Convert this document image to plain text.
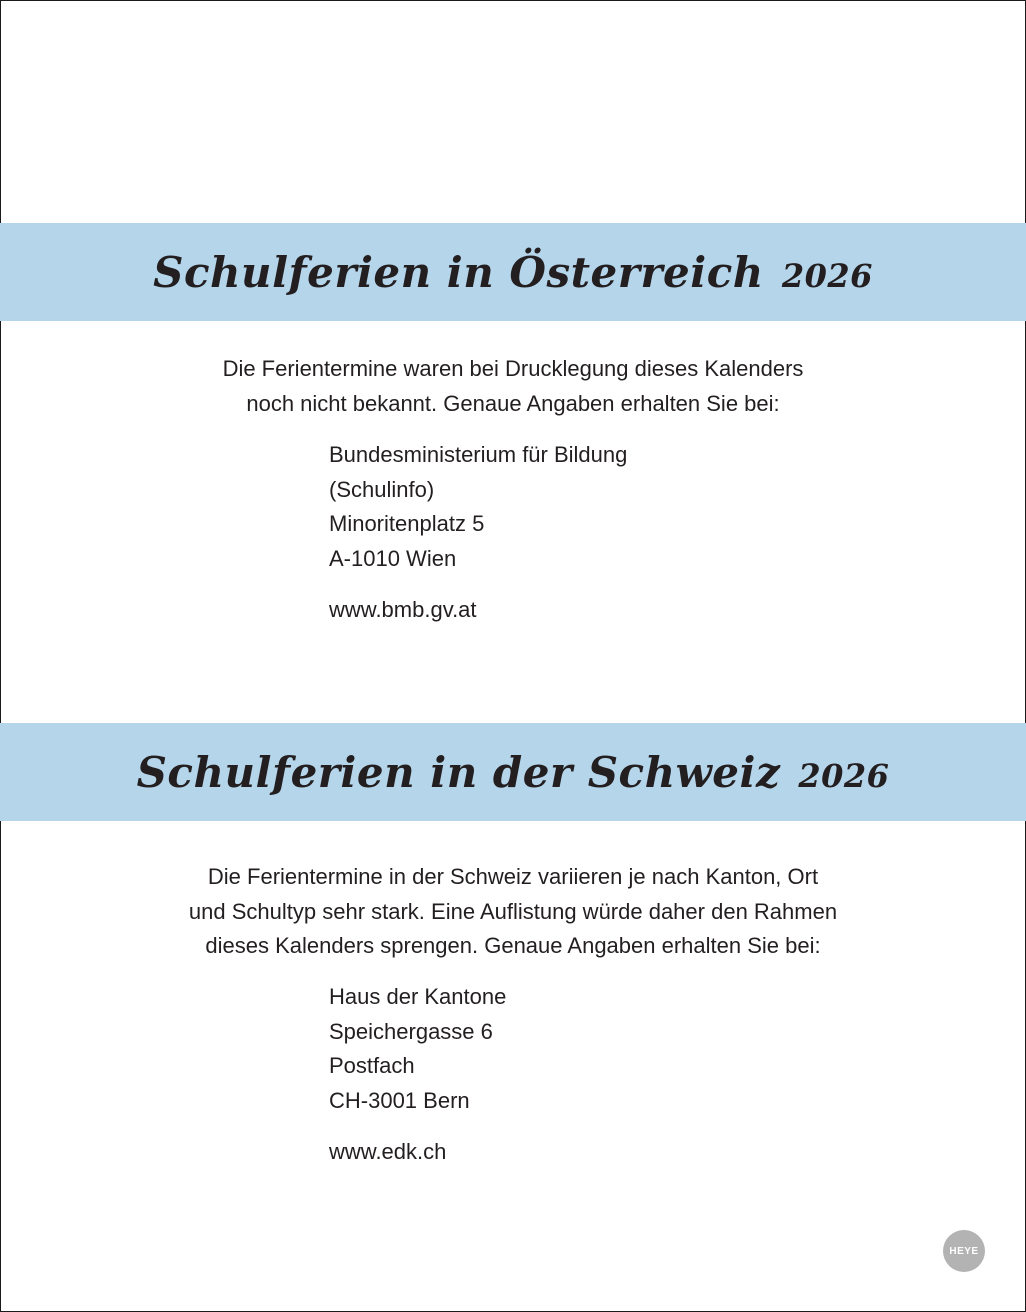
Schulferien in Österreich 2026
Die Ferientermine waren bei Drucklegung dieses Kalenders
noch nicht bekannt. Genaue Angaben erhalten Sie bei:
Bundesministerium für Bildung
(Schulinfo)
Minoritenplatz 5
A-1010 Wien
www.bmb.gv.at
Schulferien in der Schweiz 2026
Die Ferientermine in der Schweiz variieren je nach Kanton, Ort
und Schultyp sehr stark. Eine Auflistung würde daher den Rahmen
dieses Kalenders sprengen. Genaue Angaben erhalten Sie bei:
Haus der Kantone
Speichergasse 6
Postfach
CH-3001 Bern
www.edk.ch
HEYE
